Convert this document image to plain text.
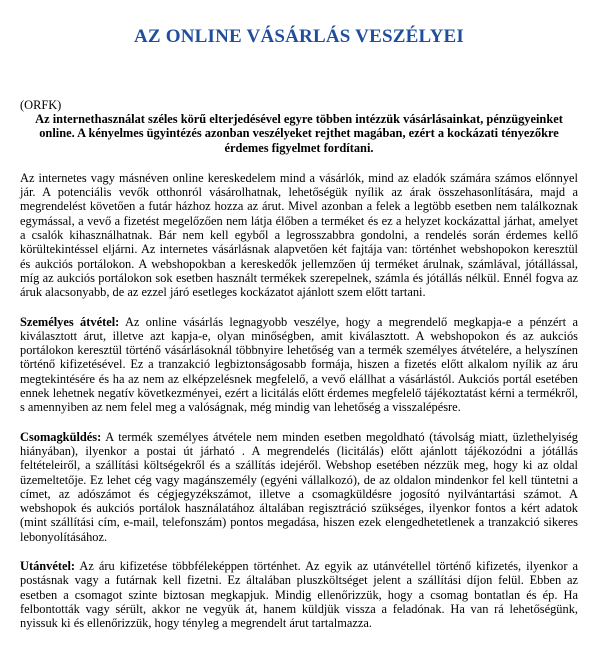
AZ ONLINE VÁSÁRLÁS VESZÉLYEI

(ORFK)

Az internethasználat széles körű elterjedésével egyre többen intézzük vásárlásainkat, pénzügyeinket online. A kényelmes ügyintézés azonban veszélyeket rejthet magában, ezért a kockázati tényezőkre érdemes figyelmet fordítani.

Az internetes vagy másnéven online kereskedelem mind a vásárlók, mind az eladók számára számos előnnyel jár. A potenciális vevők otthonról vásárolhatnak, lehetőségük nyílik az árak összehasonlítására, majd a megrendelést követően a futár házhoz hozza az árut. Mivel azonban a felek a legtöbb esetben nem találkoznak egymással, a vevő a fizetést megelőzően nem látja élőben a terméket és ez a helyzet kockázattal járhat, amelyet a csalók kihasználhatnak. Bár nem kell egyből a legrosszabbra gondolni, a rendelés során érdemes kellő körültekintéssel eljárni. Az internetes vásárlásnak alapvetően két fajtája van: történhet webshopokon keresztül és aukciós portálokon. A webshopokban a kereskedők jellemzően új terméket árulnak, számlával, jótállással, míg az aukciós portálokon sok esetben használt termékek szerepelnek, számla és jótállás nélkül. Ennél fogva az áruk alacsonyabb, de az ezzel járó esetleges kockázatot ajánlott szem előtt tartani.

Személyes átvétel: Az online vásárlás legnagyobb veszélye, hogy a megrendelő megkapja-e a pénzért a kiválasztott árut, illetve azt kapja-e, olyan minőségben, amit kiválasztott. A webshopokon és az aukciós portálokon keresztül történő vásárlásoknál többnyire lehetőség van a termék személyes átvételére, a helyszínen történő kifizetésével. Ez a tranzakció legbiztonságosabb formája, hiszen a fizetés előtt alkalom nyílik az áru megtekintésére és ha az nem az elképzelésnek megfelelő, a vevő elállhat a vásárlástól. Aukciós portál esetében ennek lehetnek negatív következményei, ezért a licitálás előtt érdemes megfelelő tájékoztatást kérni a termékről, s amennyiben az nem felel meg a valóságnak, még mindig van lehetőség a visszalépésre.

Csomagküldés: A termék személyes átvétele nem minden esetben megoldható (távolság miatt, üzlethelyiség hiányában), ilyenkor a postai út járható . A megrendelés (licitálás) előtt ajánlott tájékozódni a jótállás feltételeiről, a szállítási költségekről és a szállítás idejéről. Webshop esetében nézzük meg, hogy ki az oldal üzemeltetője. Ez lehet cég vagy magánszemély (egyéni vállalkozó), de az oldalon mindenkor fel kell tüntetni a címet, az adószámot és cégjegyzékszámot, illetve a csomagküldésre jogosító nyilvántartási számot. A webshopok és aukciós portálok használatához általában regisztráció szükséges, ilyenkor fontos a kért adatok (mint szállítási cím, e-mail, telefonszám) pontos megadása, hiszen ezek elengedhetetlenek a tranzakció sikeres lebonyolításához.

Utánvétel: Az áru kifizetése többféleképpen történhet. Az egyik az utánvétellel történő kifizetés, ilyenkor a postásnak vagy a futárnak kell fizetni. Ez általában pluszköltséget jelent a szállítási díjon felül. Ebben az esetben a csomagot szinte biztosan megkapjuk. Mindig ellenőrizzük, hogy a csomag bontatlan és ép. Ha felbontották vagy sérült, akkor ne vegyük át, hanem küldjük vissza a feladónak. Ha van rá lehetőségünk, nyissuk ki és ellenőrizzük, hogy tényleg a megrendelt árut tartalmazza.
